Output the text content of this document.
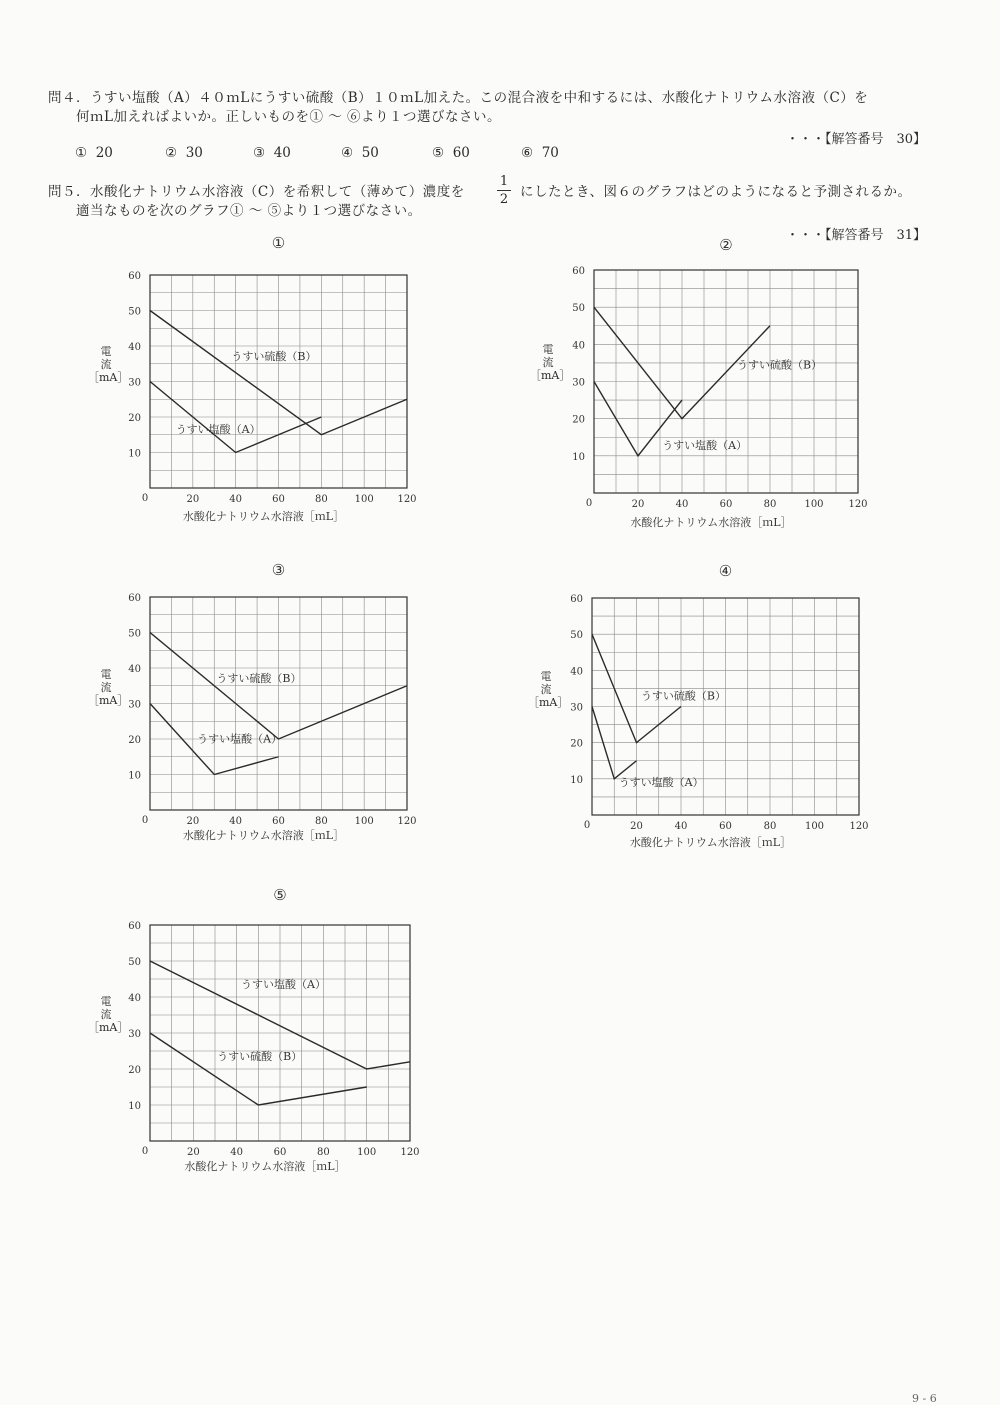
問４．うすい塩酸（A）４０ｍLにうすい硫酸（B）１０ｍL加えた。この混合液を中和するには、水酸化ナトリウム水溶液（C）を
何ｍL加えればよいか。正しいものを① 〜 ⑥より１つ選びなさい。
・・・【解答番号　30】
① 20	② 30	③ 40	④ 50	⑤ 60	⑥ 70
問５．水酸化ナトリウム水溶液（C）を希釈して（薄めて）濃度を
1
2 にしたとき、図６のグラフはどのようになると予測されるか。
適当なものを次のグラフ① 〜 ⑤より１つ選びなさい。
・・・【解答番号　31】
電
流
［mA］
電
流
［mA］
電
流
［mA］
電
流
［mA］
電
流
［mA］
①
0	20	40	60	80	100 120
10
20
30
40
50
60
水酸化ナトリウム水溶液［ｍL］
うすい硫酸（B）
うすい塩酸（A）
②
0	20	40	60	80	100 120
10
20
30
40
50
60
水酸化ナトリウム水溶液［ｍL］
うすい硫酸（B）
うすい塩酸（A）
③
0	20	40	60	80	100 120
10
20
30
40
50
60
水酸化ナトリウム水溶液［ｍL］
うすい硫酸（B）
うすい塩酸（A）
④
0	20	40	60	80	100	120
10
20
30
40
50
60
水酸化ナトリウム水溶液［ｍL］
うすい硫酸（B）
うすい塩酸（A）
⑤
0	20	40	60	80	100 120
10
20
30
40
50
60
水酸化ナトリウム水溶液［ｍL］
うすい塩酸（A）
うすい硫酸（B）
9 - 6
